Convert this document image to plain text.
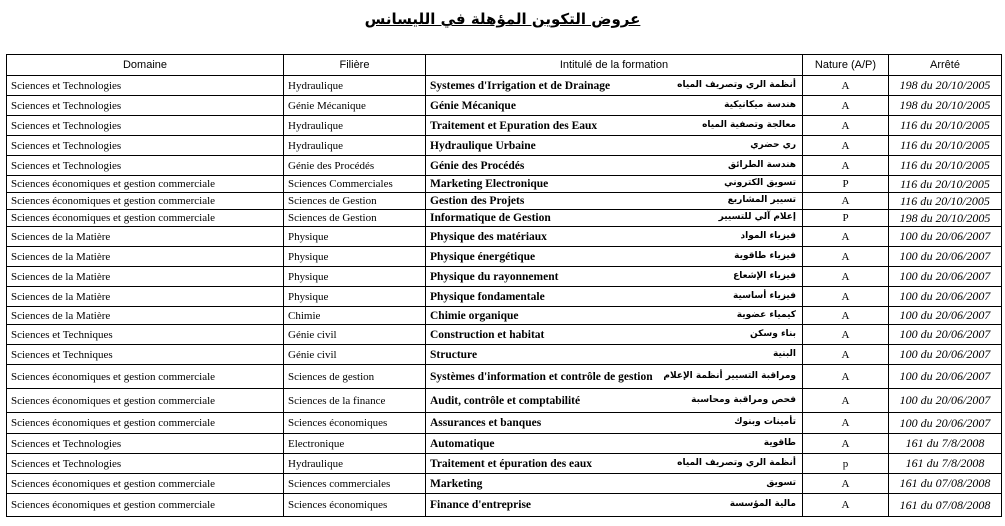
عروض التكوين المؤهلة في الليسانس
Domaine	Filière	Intitulé de la formation	Nature (A/P)	Arrêté
Sciences et Technologies	Hydraulique	Systemes d'Irrigation et de Drainage أنظمة الري وتصريف المياه	A	198 du 20/10/2005
Sciences et Technologies	Génie Mécanique	Génie Mécanique هندسة ميكانيكية	A	198 du 20/10/2005
Sciences et Technologies	Hydraulique	Traitement et Epuration des Eaux معالجة وتصفية المياه	A	116 du 20/10/2005
Sciences et Technologies	Hydraulique	Hydraulique Urbaine ري حضري	A	116 du 20/10/2005
Sciences et Technologies	Génie des Procédés	Génie des Procédés هندسة الطرائق	A	116 du 20/10/2005
Sciences économiques et gestion commerciale	Sciences Commerciales	Marketing Electronique تسويق الكتروني	P	116 du 20/10/2005
Sciences économiques et gestion commerciale	Sciences de Gestion	Gestion des Projets تسيير المشاريع	A	116 du 20/10/2005
Sciences économiques et gestion commerciale	Sciences de Gestion	Informatique de Gestion إعلام آلي للتسيير	P	198 du 20/10/2005
Sciences de la Matière	Physique	Physique des matériaux فيزياء المواد	A	100 du 20/06/2007
Sciences de la Matière	Physique	Physique énergétique فيزياء طاقوية	A	100 du 20/06/2007
Sciences de la Matière	Physique	Physique du rayonnement فيزياء الإشعاع	A	100 du 20/06/2007
Sciences de la Matière	Physique	Physique fondamentale فيزياء أساسية	A	100 du 20/06/2007
Sciences de la Matière	Chimie	Chimie organique كيمياء عضوية	A	100 du 20/06/2007
Sciences et Techniques	Génie civil	Construction et habitat بناء وسكن	A	100 du 20/06/2007
Sciences et Techniques	Génie civil	Structure البنية	A	100 du 20/06/2007
Sciences économiques et gestion commerciale	Sciences de gestion	Systèmes d'information et contrôle de gestion ومراقبة التسيير أنظمة الإعلام	A	100 du 20/06/2007
Sciences économiques et gestion commerciale	Sciences de la finance	Audit, contrôle et comptabilité فحص ومراقبة ومحاسبة	A	100 du 20/06/2007
Sciences économiques et gestion commerciale	Sciences économiques	Assurances et banques تأمينات وبنوك	A	100 du 20/06/2007
Sciences et Technologies	Electronique	Automatique طاقوية	A	161 du 7/8/2008
Sciences et Technologies	Hydraulique	Traitement et épuration des eaux أنظمة الري وتصريف المياه	p	161 du 7/8/2008
Sciences économiques et gestion commerciale	Sciences commerciales	Marketing تسويق	A	161 du 07/08/2008
Sciences économiques et gestion commerciale	Sciences économiques	Finance d'entreprise مالية المؤسسة	A	161 du 07/08/2008
